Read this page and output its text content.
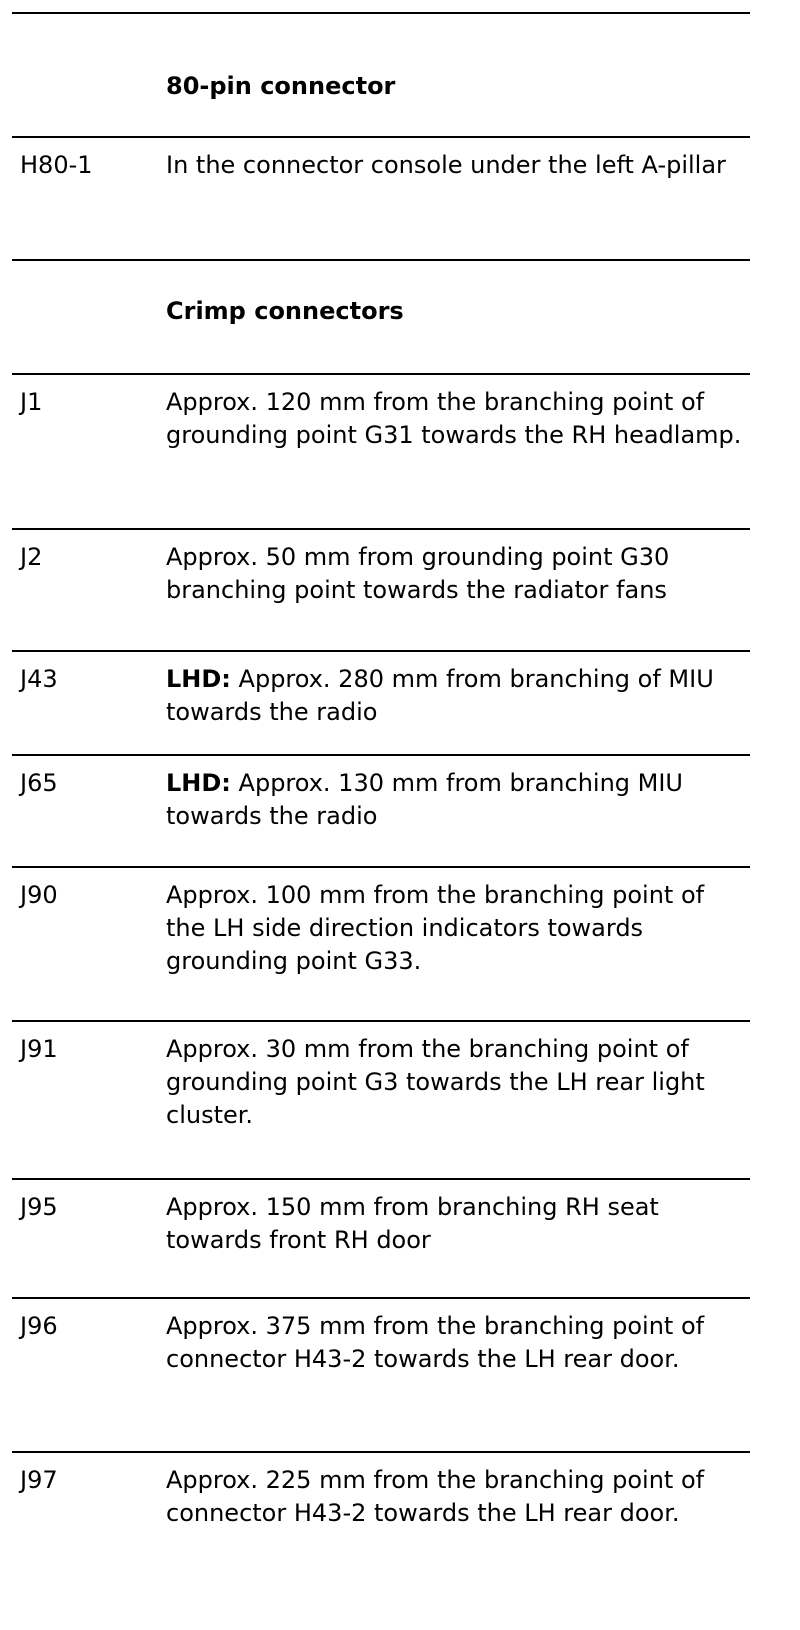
80-pin connector
H80-1	In the connector console under the left A-pillar
Crimp connectors
J1	Approx. 120 mm from the branching point of grounding point G31 towards the RH headlamp.
J2	Approx. 50 mm from grounding point G30 branching point towards the radiator fans
J43	LHD: Approx. 280 mm from branching of MIU towards the radio
J65	LHD: Approx. 130 mm from branching MIU towards the radio
J90	Approx. 100 mm from the branching point of the LH side direction indicators towards grounding point G33.
J91	Approx. 30 mm from the branching point of grounding point G3 towards the LH rear light cluster.
J95	Approx. 150 mm from branching RH seat towards front RH door
J96	Approx. 375 mm from the branching point of connector H43-2 towards the LH rear door.
J97	Approx. 225 mm from the branching point of connector H43-2 towards the LH rear door.
